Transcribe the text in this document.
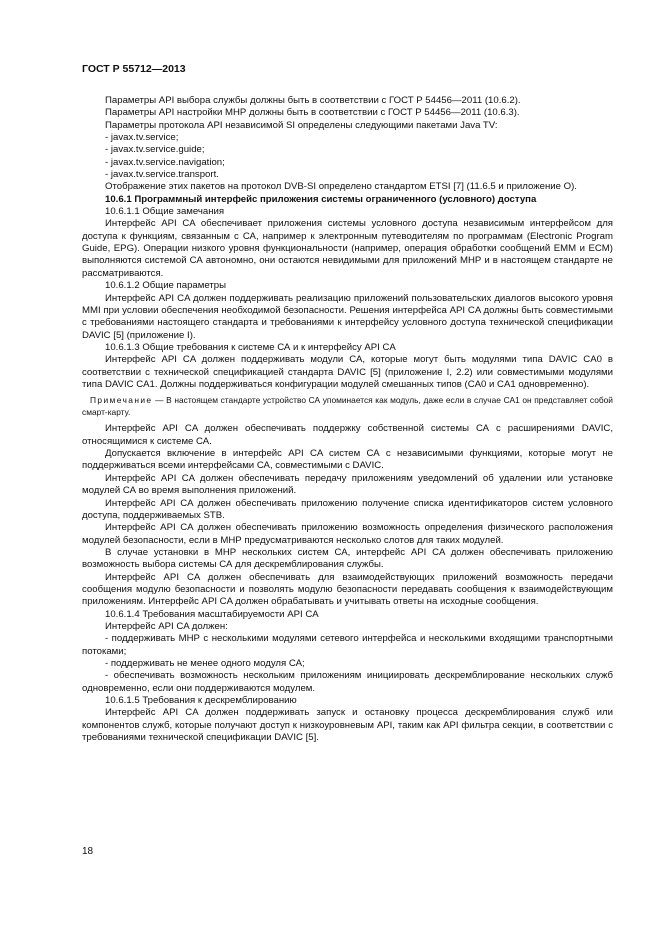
ГОСТ Р 55712—2013

Параметры API выбора службы должны быть в соответствии с ГОСТ Р 54456—2011 (10.6.2).

Параметры API настройки МНР должны быть в соответствии с ГОСТ Р 54456—2011 (10.6.3).

Параметры протокола API независимой SI определены следующими пакетами Java TV:

- javax.tv.service;

- javax.tv.service.guide;

- javax.tv.service.navigation;

- javax.tv.service.transport.

Отображение этих пакетов на протокол DVB-SI определено стандартом ETSI [7] (11.6.5 и приложение О).

10.6.1 Программный интерфейс приложения системы ограниченного (условного) доступа

10.6.1.1 Общие замечания

Интерфейс API CA обеспечивает приложения системы условного доступа независимым интерфейсом для доступа к функциям, связанным с СА, например к электронным путеводителям по программам (Electronic Program Guide, EPG). Операции низкого уровня функциональности (например, операция обработки сообщений ЕММ и ECM) выполняются системой СА автономно, они остаются невидимыми для приложений МНР и в настоящем стандарте не рассматриваются.

10.6.1.2 Общие параметры

Интерфейс API CA должен поддерживать реализацию приложений пользовательских диалогов высокого уровня MMI при условии обеспечения необходимой безопасности. Решения интерфейса API CA должны быть совместимыми с требованиями настоящего стандарта и требованиями к интерфейсу условного доступа технической спецификации DAVIC [5] (приложение I).

10.6.1.3 Общие требования к системе СА и к интерфейсу API CA

Интерфейс API CA должен поддерживать модули СА, которые могут быть модулями типа DAVIC CA0 в соответствии с технической спецификацией стандарта DAVIC [5] (приложение I, 2.2) или совместимыми модулями типа DAVIC CA1. Должны поддерживаться конфигурации модулей смешанных типов (CA0 и CA1 одновременно).

Примечание — В настоящем стандарте устройство СА упоминается как модуль, даже если в случае СА1 он представляет собой смарт-карту.

Интерфейс API CA должен обеспечивать поддержку собственной системы СА с расширениями DAVIC, относящимися к системе СА.

Допускается включение в интерфейс API CA систем СА с независимыми функциями, которые могут не поддерживаться всеми интерфейсами СА, совместимыми с DAVIC.

Интерфейс API CA должен обеспечивать передачу приложениям уведомлений об удалении или установке модулей СА во время выполнения приложений.

Интерфейс API CA должен обеспечивать приложению получение списка идентификаторов систем условного доступа, поддерживаемых STB.

Интерфейс API CA должен обеспечивать приложению возможность определения физического расположения модулей безопасности, если в МНР предусматриваются несколько слотов для таких модулей.

В случае установки в МНР нескольких систем СА, интерфейс API CA должен обеспечивать приложению возможность выбора системы СА для дескремблирования службы.

Интерфейс API CA должен обеспечивать для взаимодействующих приложений возможность передачи сообщения модулю безопасности и позволять модулю безопасности передавать сообщения к взаимодействующим приложениям. Интерфейс API CA должен обрабатывать и учитывать ответы на исходные сообщения.

10.6.1.4 Требования масштабируемости API CA

Интерфейс API CA должен:

- поддерживать МНР с несколькими модулями сетевого интерфейса и несколькими входящими транспортными потоками;

- поддерживать не менее одного модуля СА;

- обеспечивать возможность нескольким приложениям инициировать дескремблирование нескольких служб одновременно, если они поддерживаются модулем.

10.6.1.5 Требования к дескремблированию

Интерфейс API CA должен поддерживать запуск и остановку процесса дескремблирования служб или компонентов служб, которые получают доступ к низкоуровневым API, таким как API фильтра секции, в соответствии с требованиями технической спецификации DAVIC [5].

18
